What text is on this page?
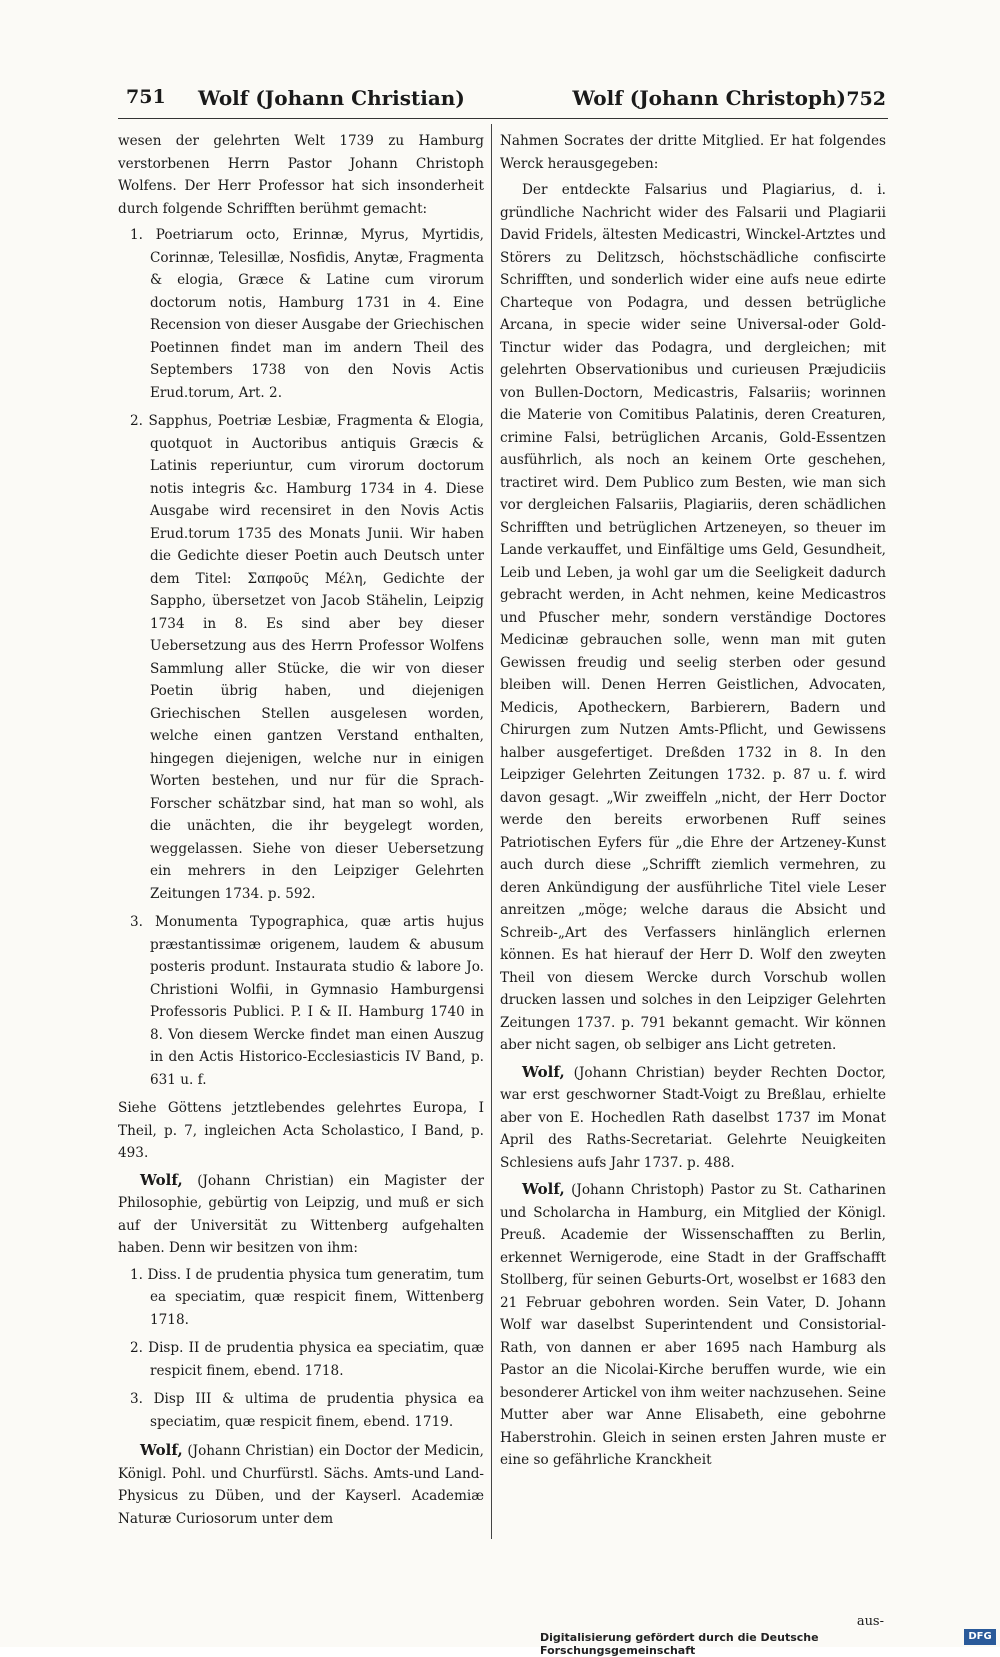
751 Wolf (Johann Christian)	Wolf (Johann Christoph) 752

wesen der gelehrten Welt 1739 zu Hamburg verstorbenen Herrn Pastor Johann Christoph Wolfens. Der Herr Professor hat sich insonderheit durch folgende Schrifften berühmt gemacht:

1. Poetriarum octo, Erinnæ, Myrus, Myrtidis, Corinnæ, Telesillæ, Nosfidis, Anytæ, Fragmenta & elogia, Græce & Latine cum virorum doctorum notis, Hamburg 1731 in 4. Eine Recension von dieser Ausgabe der Griechischen Poetinnen findet man im andern Theil des Septembers 1738 von den Novis Actis Erud.torum, Art. 2.

2. Sapphus, Poetriæ Lesbiæ, Fragmenta & Elogia, quotquot in Auctoribus antiquis Græcis & Latinis reperiuntur, cum virorum doctorum notis integris &c. Hamburg 1734 in 4. Diese Ausgabe wird recensiret in den Novis Actis Erud.torum 1735 des Monats Junii. Wir haben die Gedichte dieser Poetin auch Deutsch unter dem Titel: Σαπφοῦς Μέλη, Gedichte der Sappho, übersetzet von Jacob Stähelin, Leipzig 1734 in 8. Es sind aber bey dieser Uebersetzung aus des Herrn Professor Wolfens Sammlung aller Stücke, die wir von dieser Poetin übrig haben, und diejenigen Griechischen Stellen ausgelesen worden, welche einen gantzen Verstand enthalten, hingegen diejenigen, welche nur in einigen Worten bestehen, und nur für die Sprach-Forscher schätzbar sind, hat man so wohl, als die unächten, die ihr beygelegt worden, weggelassen. Siehe von dieser Uebersetzung ein mehrers in den Leipziger Gelehrten Zeitungen 1734. p. 592.

3. Monumenta Typographica, quæ artis hujus præstantissimæ origenem, laudem & abusum posteris produnt. Instaurata studio & labore Jo. Christioni Wolfii, in Gymnasio Hamburgensi Professoris Publici. P. I & II. Hamburg 1740 in 8. Von diesem Wercke findet man einen Auszug in den Actis Historico-Ecclesiasticis IV Band, p. 631 u. f.

Siehe Göttens jetztlebendes gelehrtes Europa, I Theil, p. 7, ingleichen Acta Scholastico, I Band, p. 493.

Wolf, (Johann Christian) ein Magister der Philosophie, gebürtig von Leipzig, und muß er sich auf der Universität zu Wittenberg aufgehalten haben. Denn wir besitzen von ihm:

1. Diss. I de prudentia physica tum generatim, tum ea speciatim, quæ respicit finem, Wittenberg 1718.

2. Disp. II de prudentia physica ea speciatim, quæ respicit finem, ebend. 1718.

3. Disp III & ultima de prudentia physica ea speciatim, quæ respicit finem, ebend. 1719.

Wolf, (Johann Christian) ein Doctor der Medicin, Königl. Pohl. und Churfürstl. Sächs. Amts-und Land-Physicus zu Düben, und der Kayserl. Academiæ Naturæ Curiosorum unter dem

Nahmen Socrates der dritte Mitglied. Er hat folgendes Werck herausgegeben:

Der entdeckte Falsarius und Plagiarius, d. i. gründliche Nachricht wider des Falsarii und Plagiarii David Fridels, ältesten Medicastri, Winckel-Artztes und Störers zu Delitzsch, höchstschädliche confiscirte Schrifften, und sonderlich wider eine aufs neue edirte Charteque von Podagra, und dessen betrügliche Arcana, in specie wider seine Universal-oder Gold-Tinctur wider das Podagra, und dergleichen; mit gelehrten Observationibus und curieusen Præjudiciis von Bullen-Doctorn, Medicastris, Falsariis; worinnen die Materie von Comitibus Palatinis, deren Creaturen, crimine Falsi, betrüglichen Arcanis, Gold-Essentzen ausführlich, als noch an keinem Orte geschehen, tractiret wird. Dem Publico zum Besten, wie man sich vor dergleichen Falsariis, Plagiariis, deren schädlichen Schrifften und betrüglichen Artzeneyen, so theuer im Lande verkauffet, und Einfältige ums Geld, Gesundheit, Leib und Leben, ja wohl gar um die Seeligkeit dadurch gebracht werden, in Acht nehmen, keine Medicastros und Pfuscher mehr, sondern verständige Doctores Medicinæ gebrauchen solle, wenn man mit guten Gewissen freudig und seelig sterben oder gesund bleiben will. Denen Herren Geistlichen, Advocaten, Medicis, Apotheckern, Barbierern, Badern und Chirurgen zum Nutzen Amts-Pflicht, und Gewissens halber ausgefertiget. Dreßden 1732 in 8. In den Leipziger Gelehrten Zeitungen 1732. p. 87 u. f. wird davon gesagt. „Wir zweiffeln „nicht, der Herr Doctor werde den bereits erworbenen Ruff seines Patriotischen Eyfers für „die Ehre der Artzeney-Kunst auch durch diese „Schrifft ziemlich vermehren, zu deren Ankündigung der ausführliche Titel viele Leser anreitzen „möge; welche daraus die Absicht und Schreib-„Art des Verfassers hinlänglich erlernen können. Es hat hierauf der Herr D. Wolf den zweyten Theil von diesem Wercke durch Vorschub wollen drucken lassen und solches in den Leipziger Gelehrten Zeitungen 1737. p. 791 bekannt gemacht. Wir können aber nicht sagen, ob selbiger ans Licht getreten.

Wolf, (Johann Christian) beyder Rechten Doctor, war erst geschworner Stadt-Voigt zu Breßlau, erhielte aber von E. Hochedlen Rath daselbst 1737 im Monat April des Raths-Secretariat. Gelehrte Neuigkeiten Schlesiens aufs Jahr 1737. p. 488.

Wolf, (Johann Christoph) Pastor zu St. Catharinen und Scholarcha in Hamburg, ein Mitglied der Königl. Preuß. Academie der Wissenschafften zu Berlin, erkennet Wernigerode, eine Stadt in der Graffschafft Stollberg, für seinen Geburts-Ort, woselbst er 1683 den 21 Februar gebohren worden. Sein Vater, D. Johann Wolf war daselbst Superintendent und Consistorial-Rath, von dannen er aber 1695 nach Hamburg als Pastor an die Nicolai-Kirche beruffen wurde, wie ein besonderer Artickel von ihm weiter nachzusehen. Seine Mutter aber war Anne Elisabeth, eine gebohrne Haberstrohin. Gleich in seinen ersten Jahren muste er eine so gefährliche Kranckheit

aus-
Digitalisierung gefördert durch die Deutsche Forschungsgemeinschaft
DFG
